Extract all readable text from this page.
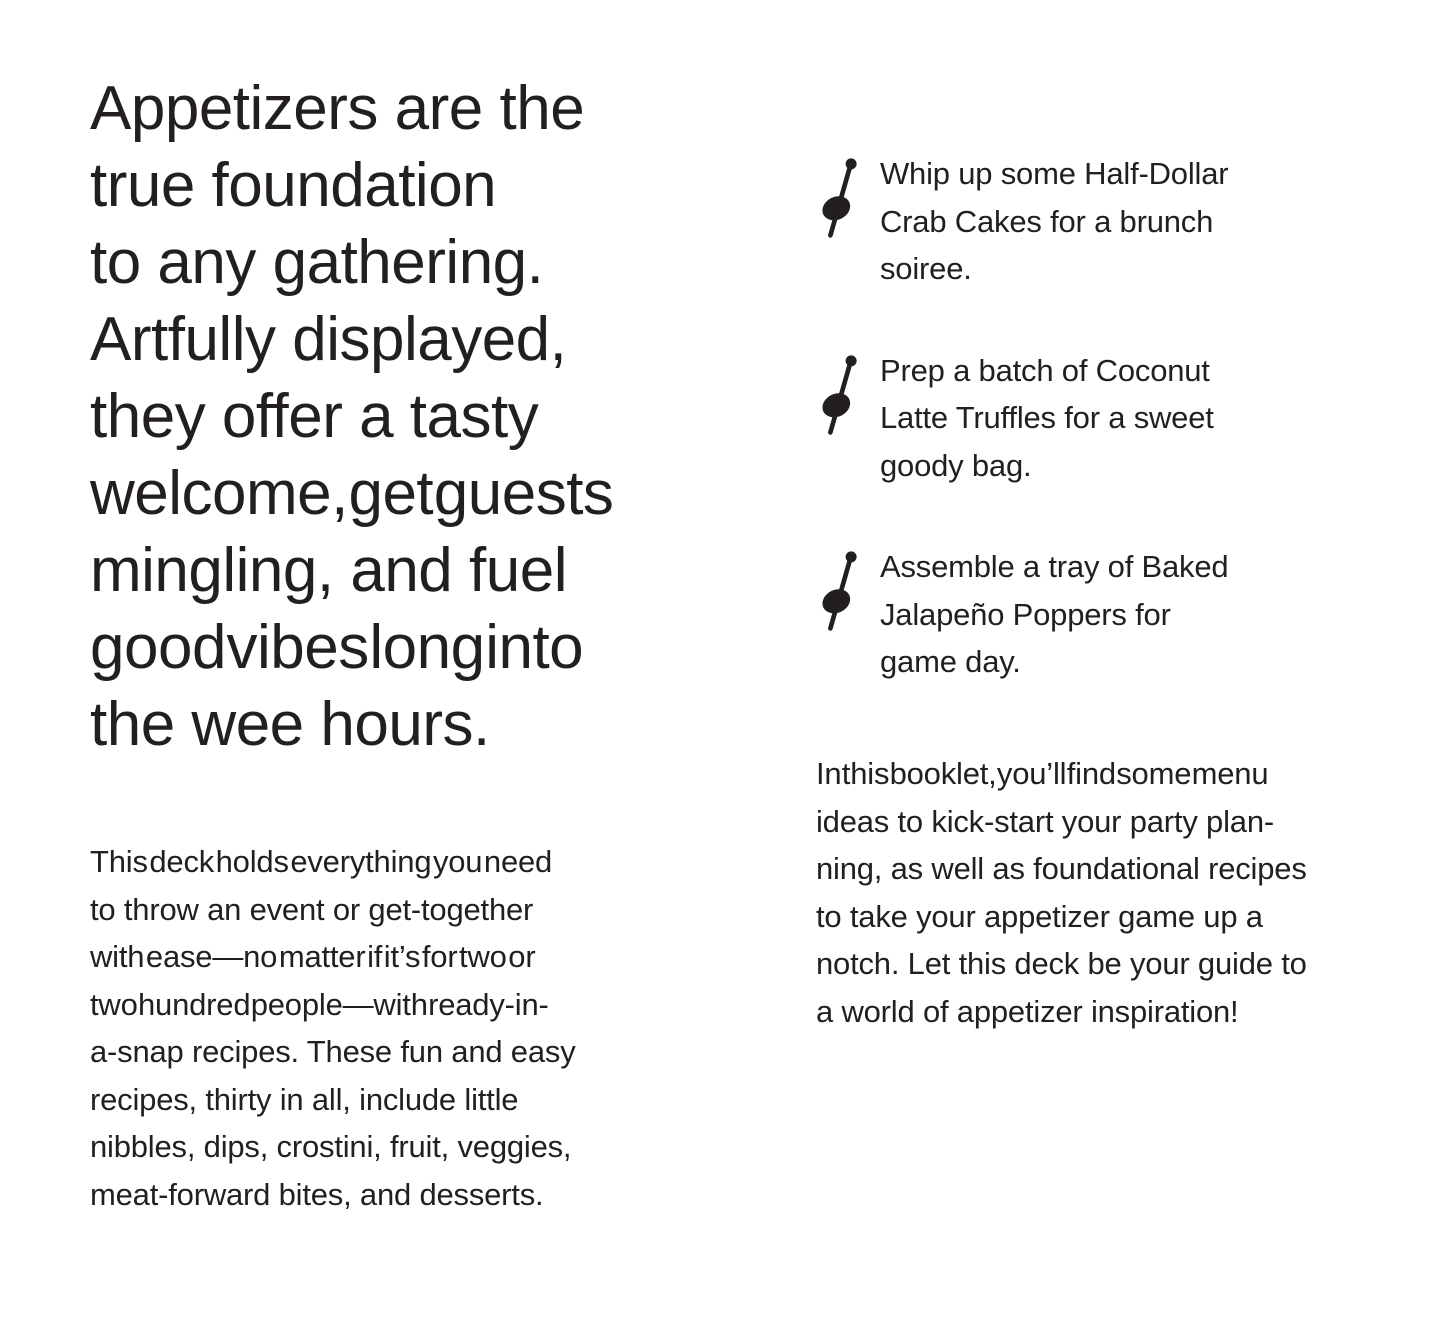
Appetizers are the
true foundation
to any gathering.
Artfully displayed,
they offer a tasty
welcome, get guests
mingling, and fuel
good vibes long into
the wee hours.
This deck holds everything you need
to throw an event or get-together
with ease—no matter if it’s for two or
two hundred people—with ready-in-
a-snap recipes. These fun and easy
recipes, thirty in all, include little
nibbles, dips, crostini, fruit, veggies,
meat-forward bites, and desserts.
Whip up some Half-Dollar
Crab Cakes for a brunch
soiree.
Prep a batch of Coconut
Latte Truffles for a sweet
goody bag.
Assemble a tray of Baked
Jalapeño Poppers for
game day.
In this booklet, you’ll find some menu
ideas to kick-start your party plan-
ning, as well as foundational recipes
to take your appetizer game up a
notch. Let this deck be your guide to
a world of appetizer inspiration!
